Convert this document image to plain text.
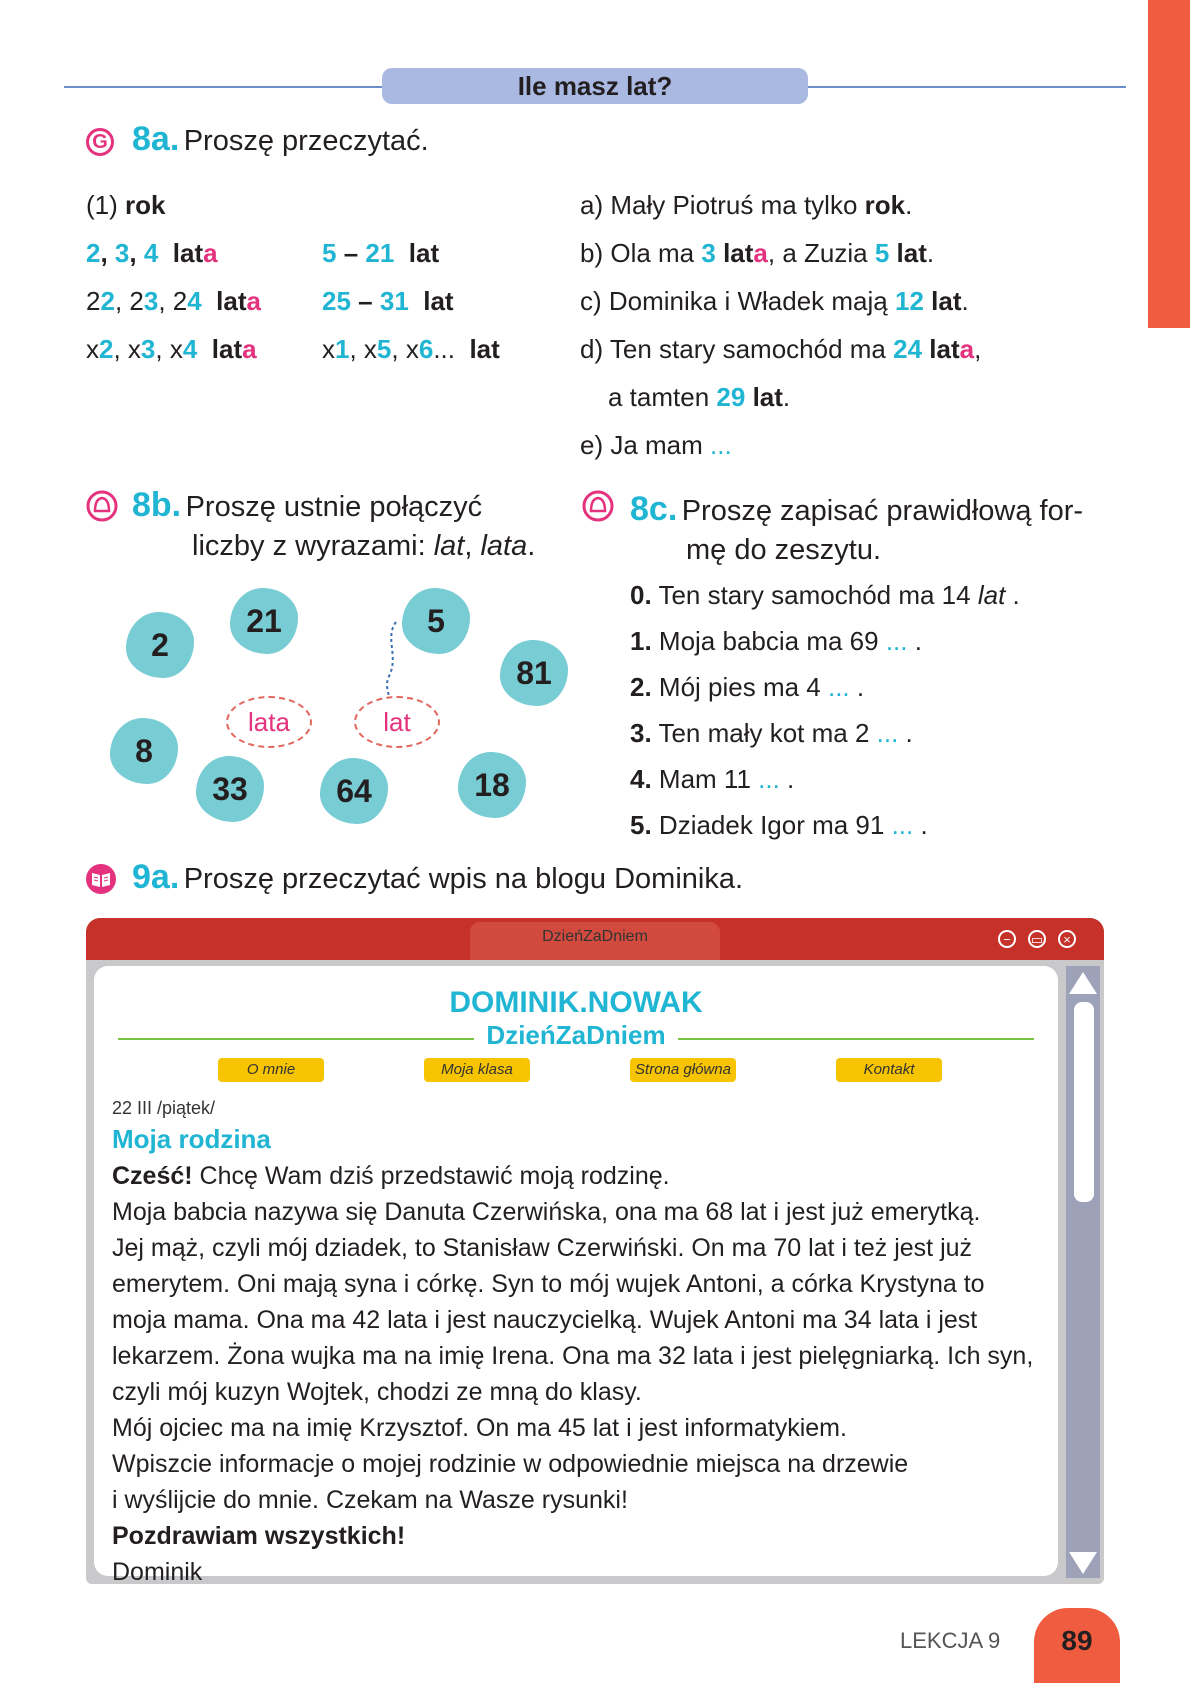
Ile masz lat?
G 8a. Proszę przeczytać.
(1) rok
2, 3, 4 lata	5 – 21 lat
22, 23, 24 lata 25 – 31 lat
x2, x3, x4 lata	x1, x5, x6... lat
a) Mały Piotruś ma tylko rok.
b) Ola ma 3 lata, a Zuzia 5 lat.
c) Dominika i Władek mają 12 lat.
d) Ten stary samochód ma 24 lata,
a tamten 29 lat.
e) Ja mam ...
8b. Proszę ustnie połączyć
liczby z wyrazami: lat, lata.
2
21	5
81
8
33	64	18
lata	lat
8c. Proszę zapisać prawidłową for-
mę do zeszytu.
0. Ten stary samochód ma 14 lat .
1. Moja babcia ma 69 ... .
2. Mój pies ma 4 ... .
3. Ten mały kot ma 2 ... .
4. Mam 11 ... .
5. Dziadek Igor ma 91 ... .
9a. Proszę przeczytać wpis na blogu Dominika.
DzieńZaDniem	−	▭	×
DOMINIK.NOWAK
DzieńZaDniem
O mnie	Moja klasa	Strona główna	Kontakt
22 III /piątek/
Moja rodzina
Cześć! Chcę Wam dziś przedstawić moją rodzinę.
Moja babcia nazywa się Danuta Czerwińska, ona ma 68 lat i jest już emerytką.
Jej mąż, czyli mój dziadek, to Stanisław Czerwiński. On ma 70 lat i też jest już
emerytem. Oni mają syna i córkę. Syn to mój wujek Antoni, a córka Krystyna to
moja mama. Ona ma 42 lata i jest nauczycielką. Wujek Antoni ma 34 lata i jest
lekarzem. Żona wujka ma na imię Irena. Ona ma 32 lata i jest pielęgniarką. Ich syn,
czyli mój kuzyn Wojtek, chodzi ze mną do klasy.
Mój ojciec ma na imię Krzysztof. On ma 45 lat i jest informatykiem.
Wpiszcie informacje o mojej rodzinie w odpowiednie miejsca na drzewie
i wyślijcie do mnie. Czekam na Wasze rysunki!
Pozdrawiam wszystkich!
Dominik
LEKCJA 9	89
